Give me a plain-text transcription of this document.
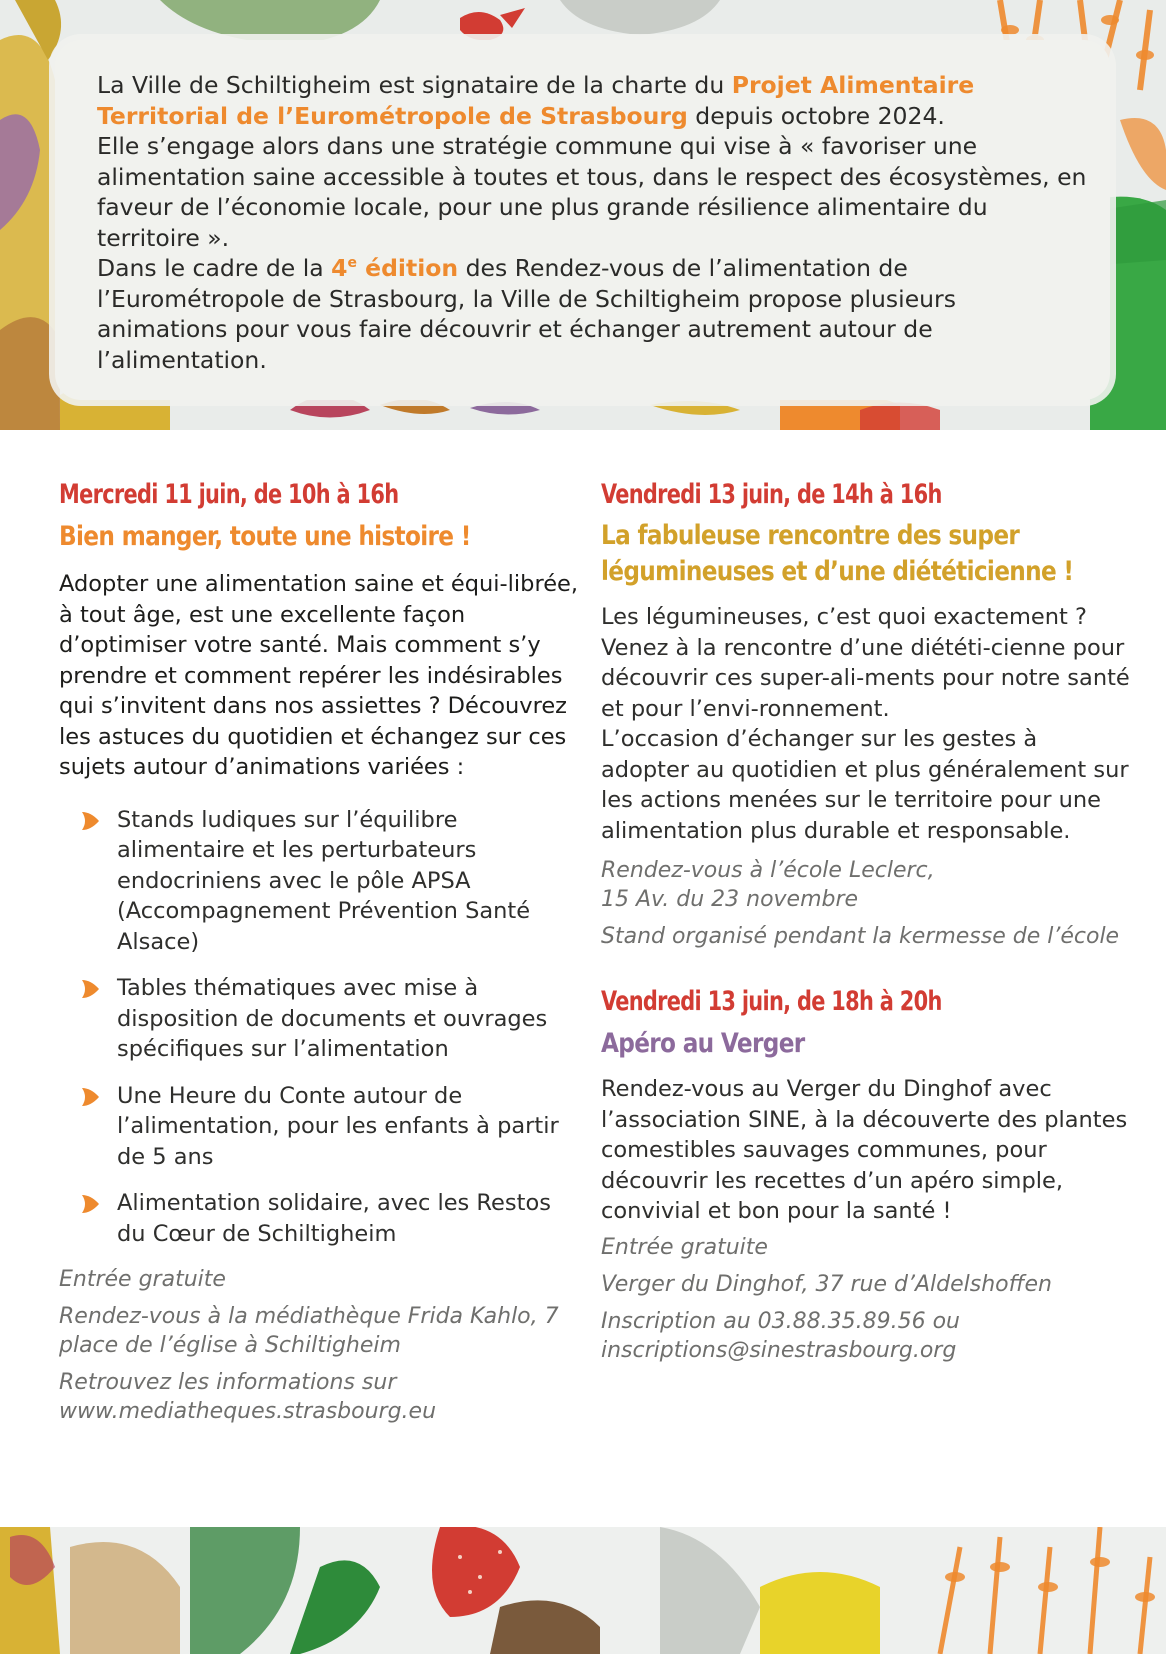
La Ville de Schiltigheim est signataire de la charte du Projet Alimentaire Territorial de l’Eurométropole de Strasbourg depuis octobre 2024.

Elle s’engage alors dans une stratégie commune qui vise à « favoriser une alimentation saine accessible à toutes et tous, dans le respect des écosystèmes, en faveur de l’économie locale, pour une plus grande résilience alimentaire du territoire ».

Dans le cadre de la 4e édition des Rendez-vous de l’alimentation de l’Eurométropole de Strasbourg, la Ville de Schiltigheim propose plusieurs animations pour vous faire découvrir et échanger autrement autour de l’alimentation.

Mercredi 11 juin, de 10h à 16h
Bien manger, toute une histoire !

Adopter une alimentation saine et équi-librée, à tout âge, est une excellente façon d’optimiser votre santé. Mais comment s’y prendre et comment repérer les indésirables qui s’invitent dans nos assiettes ? Découvrez les astuces du quotidien et échangez sur ces sujets autour d’animations variées :

Stands ludiques sur l’équilibre alimentaire et les perturbateurs endocriniens avec le pôle APSA (Accompagnement Prévention Santé Alsace)
Tables thématiques avec mise à disposition de documents et ouvrages spécifiques sur l’alimentation
Une Heure du Conte autour de l’alimentation, pour les enfants à partir de 5 ans
Alimentation solidaire, avec les Restos du Cœur de Schiltigheim

Entrée gratuite

Rendez-vous à la médiathèque Frida Kahlo, 7 place de l’église à Schiltigheim

Retrouvez les informations sur www.mediatheques.strasbourg.eu

Vendredi 13 juin, de 14h à 16h
La fabuleuse rencontre des super
légumineuses et d’une diététicienne !

Les légumineuses, c’est quoi exactement ? Venez à la rencontre d’une diététi-cienne pour découvrir ces super-ali-ments pour notre santé et pour l’envi-ronnement.

L’occasion d’échanger sur les gestes à adopter au quotidien et plus généralement sur les actions menées sur le territoire pour une alimentation plus durable et responsable.

Rendez-vous à l’école Leclerc,
15 Av. du 23 novembre

Stand organisé pendant la kermesse de l’école

Vendredi 13 juin, de 18h à 20h
Apéro au Verger

Rendez-vous au Verger du Dinghof avec l’association SINE, à la découverte des plantes comestibles sauvages communes, pour découvrir les recettes d’un apéro simple, convivial et bon pour la santé !

Entrée gratuite

Verger du Dinghof, 37 rue d’Aldelshoffen

Inscription au 03.88.35.89.56 ou
inscriptions@sinestrasbourg.org
